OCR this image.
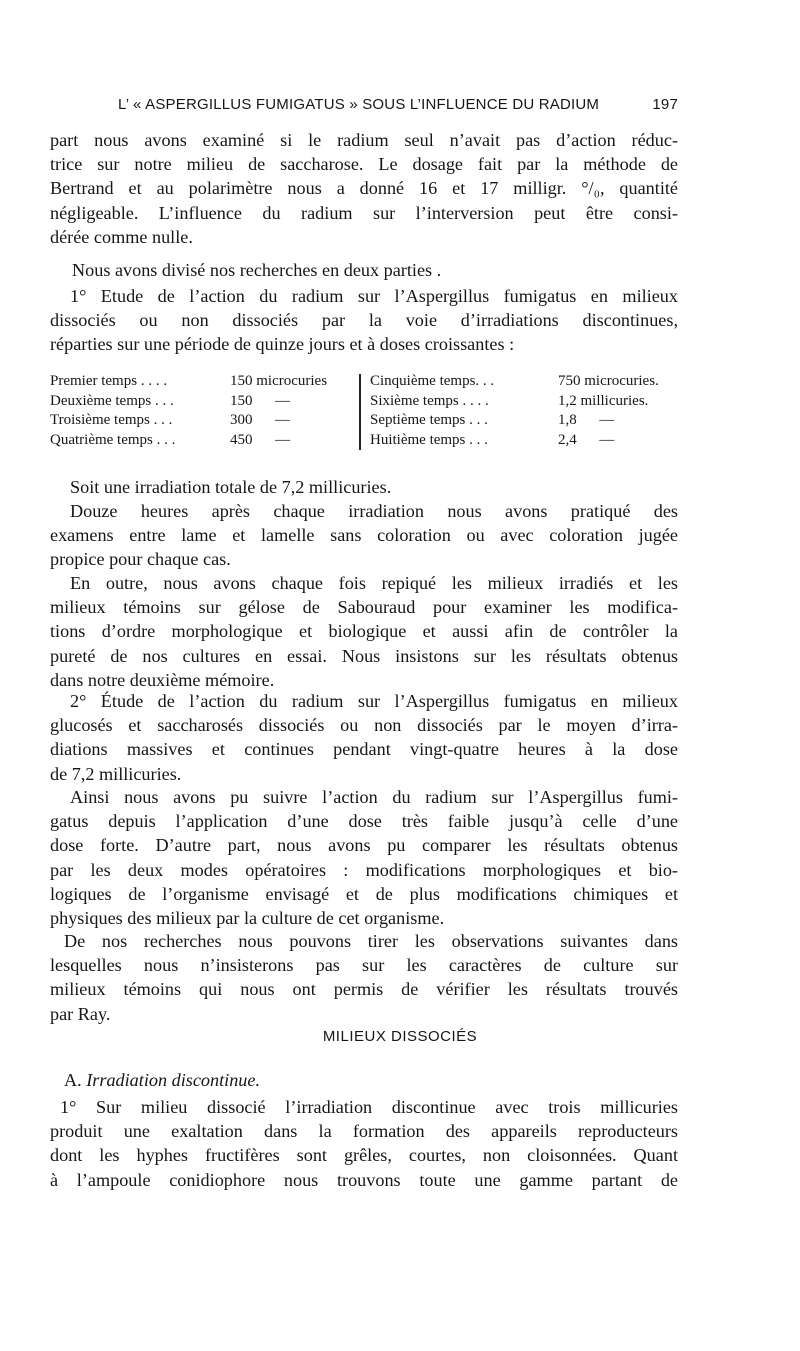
L’ « ASPERGILLUS FUMIGATUS » SOUS L’INFLUENCE DU RADIUM	197
part nous avons examiné si le radium seul n’avait pas d’action réduc-
trice sur notre milieu de saccharose. Le dosage fait par la méthode de
Bertrand et au polarimètre nous a donné 16 et 17 milligr. °/₀, quantité
négligeable. L’influence du radium sur l’interversion peut être consi-
dérée comme nulle.
Nous avons divisé nos recherches en deux parties .
1° Etude de l’action du radium sur l’Aspergillus fumigatus en milieux
dissociés ou non dissociés par la voie d’irradiations discontinues,
réparties sur une période de quinze jours et à doses croissantes :
Premier temps . . . .	150 microcuries
Deuxième temps . . .	150      —
Troisième temps . . .	300      —
Quatrième temps . . .	450      —
Cinquième temps. . .	750 microcuries.
Sixième temps . . . .	1,2 millicuries.
Septième temps . . .	1,8      —
Huitième temps . . .	2,4      —
Soit une irradiation totale de 7,2 millicuries.
Douze heures après chaque irradiation nous avons pratiqué des
examens entre lame et lamelle sans coloration ou avec coloration jugée
propice pour chaque cas.
En outre, nous avons chaque fois repiqué les milieux irradiés et les
milieux témoins sur gélose de Sabouraud pour examiner les modifica-
tions d’ordre morphologique et biologique et aussi afin de contrôler la
pureté de nos cultures en essai. Nous insistons sur les résultats obtenus
dans notre deuxième mémoire.
2° Étude de l’action du radium sur l’Aspergillus fumigatus en milieux
glucosés et saccharosés dissociés ou non dissociés par le moyen d’irra-
diations massives et continues pendant vingt-quatre heures à la dose
de 7,2 millicuries.
Ainsi nous avons pu suivre l’action du radium sur l’Aspergillus fumi-
gatus depuis l’application d’une dose très faible jusqu’à celle d’une
dose forte. D’autre part, nous avons pu comparer les résultats obtenus
par les deux modes opératoires : modifications morphologiques et bio-
logiques de l’organisme envisagé et de plus modifications chimiques et
physiques des milieux par la culture de cet organisme.
De nos recherches nous pouvons tirer les observations suivantes dans
lesquelles nous n’insisterons pas sur les caractères de culture sur
milieux témoins qui nous ont permis de vérifier les résultats trouvés
par Ray.
MILIEUX DISSOCIÉS
A. Irradiation discontinue.
1° Sur milieu dissocié l’irradiation discontinue avec trois millicuries
produit une exaltation dans la formation des appareils reproducteurs
dont les hyphes fructifères sont grêles, courtes, non cloisonnées. Quant
à l’ampoule conidiophore nous trouvons toute une gamme partant de
